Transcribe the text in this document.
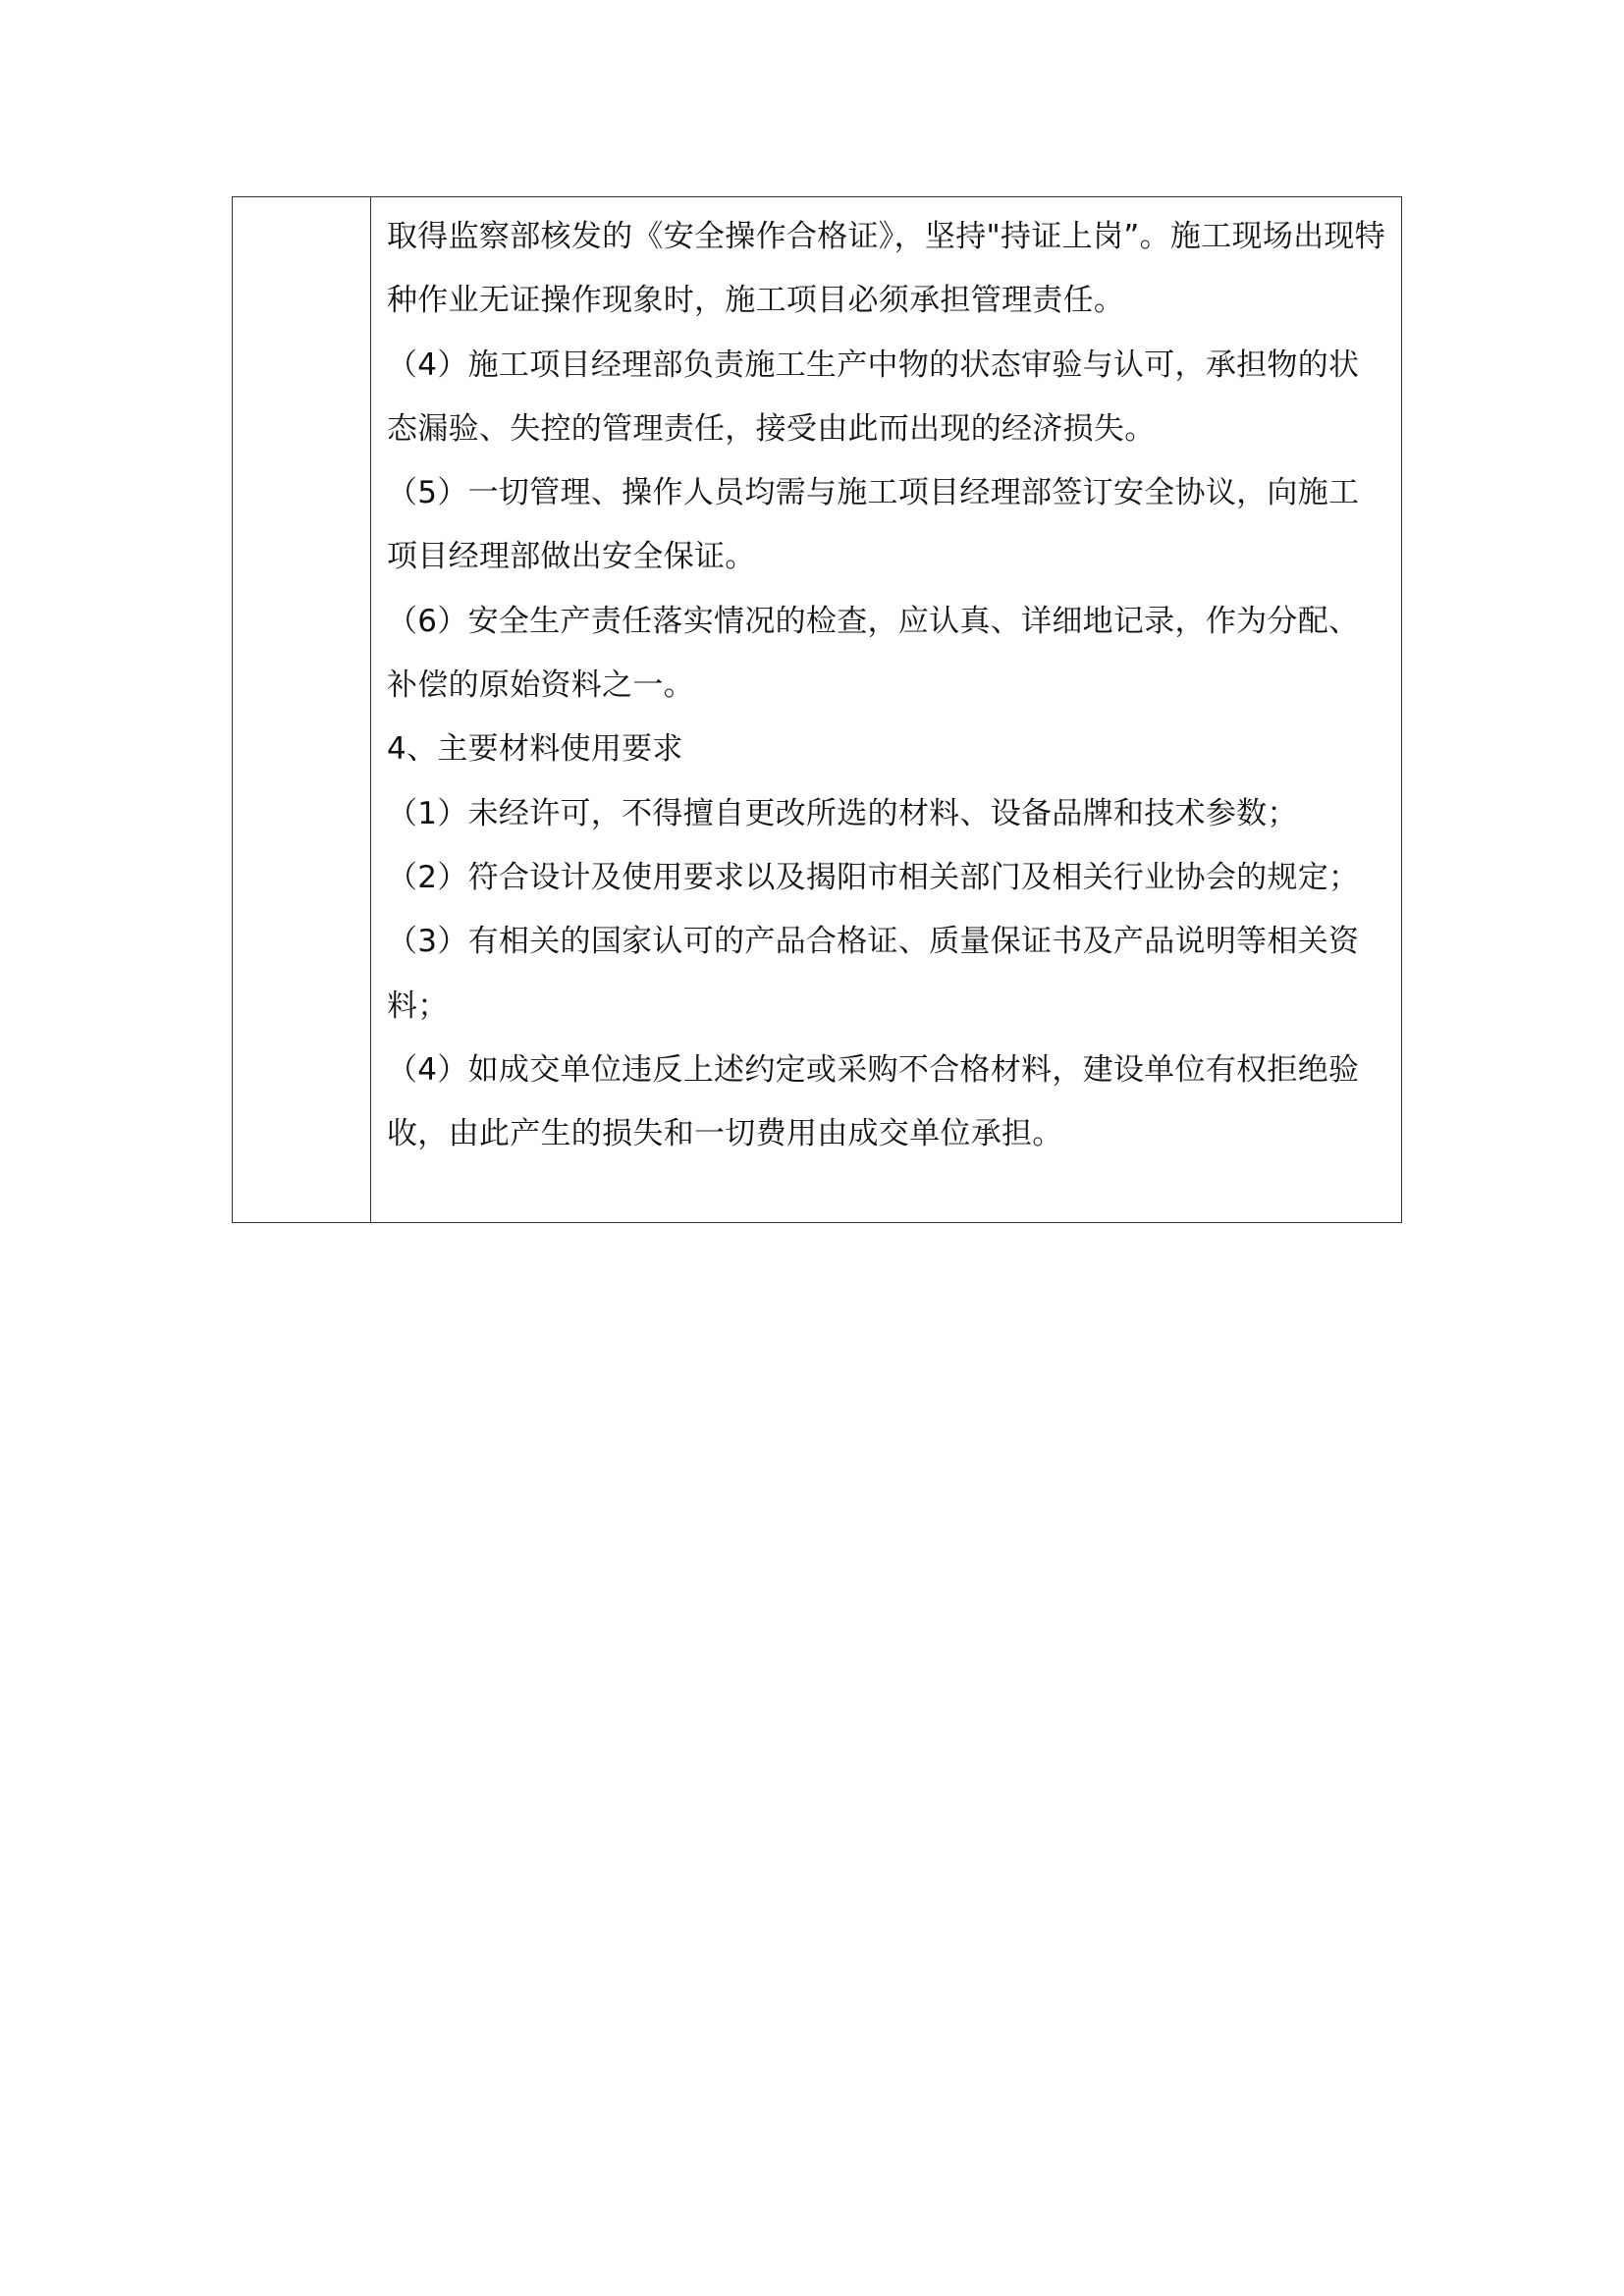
取得监察部核发的《安全操作合格证》，坚持"持证上岗”。施工现场出现特种作业无证操作现象时，施工项目必须承担管理责任。

（4）施工项目经理部负责施工生产中物的状态审验与认可，承担物的状态漏验、失控的管理责任，接受由此而出现的经济损失。

（5）一切管理、操作人员均需与施工项目经理部签订安全协议，向施工项目经理部做出安全保证。

（6）安全生产责任落实情况的检查，应认真、详细地记录，作为分配、补偿的原始资料之一。

4、主要材料使用要求

（1）未经许可，不得擅自更改所选的材料、设备品牌和技术参数；

（2）符合设计及使用要求以及揭阳市相关部门及相关行业协会的规定；

（3）有相关的国家认可的产品合格证、质量保证书及产品说明等相关资料；

（4）如成交单位违反上述约定或采购不合格材料，建设单位有权拒绝验收，由此产生的损失和一切费用由成交单位承担。
